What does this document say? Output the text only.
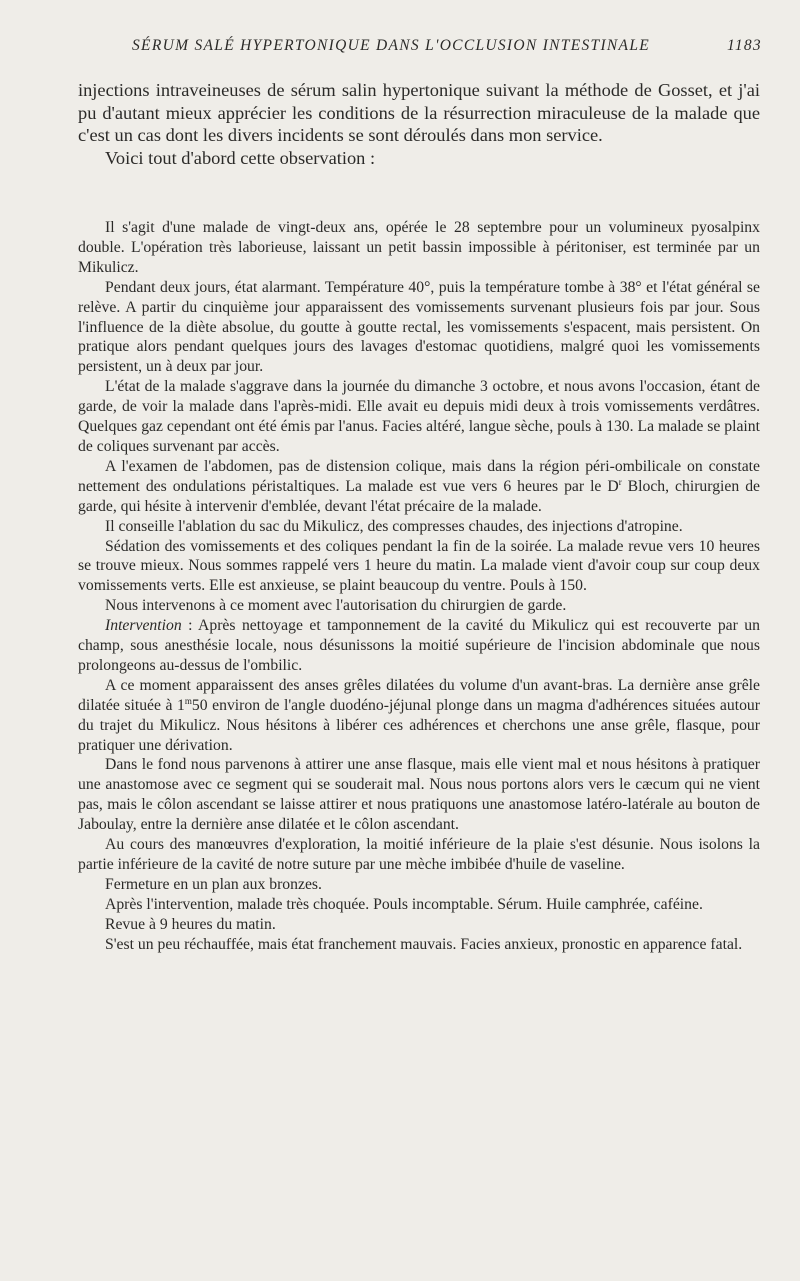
SÉRUM SALÉ HYPERTONIQUE DANS L'OCCLUSION INTESTINALE	1183

injections intraveineuses de sérum salin hypertonique suivant la méthode de Gosset, et j'ai pu d'autant mieux apprécier les conditions de la résurrection miraculeuse de la malade que c'est un cas dont les divers incidents se sont déroulés dans mon service.

Voici tout d'abord cette observation :

Il s'agit d'une malade de vingt-deux ans, opérée le 28 septembre pour un volumineux pyosalpinx double. L'opération très laborieuse, laissant un petit bassin impossible à péritoniser, est terminée par un Mikulicz.

Pendant deux jours, état alarmant. Température 40°, puis la température tombe à 38° et l'état général se relève. A partir du cinquième jour apparaissent des vomissements survenant plusieurs fois par jour. Sous l'influence de la diète absolue, du goutte à goutte rectal, les vomissements s'espacent, mais persistent. On pratique alors pendant quelques jours des lavages d'estomac quotidiens, malgré quoi les vomissements persistent, un à deux par jour.

L'état de la malade s'aggrave dans la journée du dimanche 3 octobre, et nous avons l'occasion, étant de garde, de voir la malade dans l'après-midi. Elle avait eu depuis midi deux à trois vomissements verdâtres. Quelques gaz cependant ont été émis par l'anus. Facies altéré, langue sèche, pouls à 130. La malade se plaint de coliques survenant par accès.

A l'examen de l'abdomen, pas de distension colique, mais dans la région péri-ombilicale on constate nettement des ondulations péristaltiques. La malade est vue vers 6 heures par le $D^r$ Bloch, chirurgien de garde, qui hésite à intervenir d'emblée, devant l'état précaire de la malade.

Il conseille l'ablation du sac du Mikulicz, des compresses chaudes, des injections d'atropine.

Sédation des vomissements et des coliques pendant la fin de la soirée. La malade revue vers 10 heures se trouve mieux. Nous sommes rappelé vers 1 heure du matin. La malade vient d'avoir coup sur coup deux vomissements verts. Elle est anxieuse, se plaint beaucoup du ventre. Pouls à 150.

Nous intervenons à ce moment avec l'autorisation du chirurgien de garde.

Intervention : Après nettoyage et tamponnement de la cavité du Mikulicz qui est recouverte par un champ, sous anesthésie locale, nous désunissons la moitié supérieure de l'incision abdominale que nous prolongeons au-dessus de l'ombilic.

A ce moment apparaissent des anses grêles dilatées du volume d'un avant-bras. La dernière anse grêle dilatée située à 1$^m$50 environ de l'angle duodéno-jéjunal plonge dans un magma d'adhérences situées autour du trajet du Mikulicz. Nous hésitons à libérer ces adhérences et cherchons une anse grêle, flasque, pour pratiquer une dérivation.

Dans le fond nous parvenons à attirer une anse flasque, mais elle vient mal et nous hésitons à pratiquer une anastomose avec ce segment qui se souderait mal. Nous nous portons alors vers le cæcum qui ne vient pas, mais le côlon ascendant se laisse attirer et nous pratiquons une anastomose latéro-latérale au bouton de Jaboulay, entre la dernière anse dilatée et le côlon ascendant.

Au cours des manœuvres d'exploration, la moitié inférieure de la plaie s'est désunie. Nous isolons la partie inférieure de la cavité de notre suture par une mèche imbibée d'huile de vaseline.

Fermeture en un plan aux bronzes.

Après l'intervention, malade très choquée. Pouls incomptable. Sérum. Huile camphrée, caféine.

Revue à 9 heures du matin.

S'est un peu réchauffée, mais état franchement mauvais. Facies anxieux, pronostic en apparence fatal.
